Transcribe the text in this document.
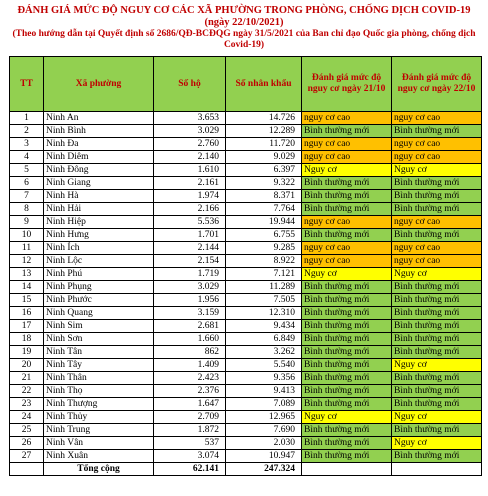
ĐÁNH GIÁ MỨC ĐỘ NGUY CƠ CÁC XÃ PHƯỜNG TRONG PHÒNG, CHỐNG DỊCH COVID-19
(ngày 22/10/2021)
(Theo hướng dẫn tại Quyết định số 2686/QĐ-BCĐQG ngày 31/5/2021 của Ban chỉ đạo Quốc gia phòng, chống dịch Covid-19)
TT	Xã phường	Số hộ	Số nhân khẩu	Đánh giá mức độ nguy cơ ngày 21/10	Đánh giá mức độ nguy cơ ngày 22/10
1	Ninh An	3.653	14.726	nguy cơ cao	nguy cơ cao
2	Ninh Bình	3.029	12.289	Bình thường mới	Bình thường mới
3	Ninh Đa	2.760	11.720	nguy cơ cao	nguy cơ cao
4	Ninh Diêm	2.140	9.029	nguy cơ cao	nguy cơ cao
5	Ninh Đông	1.610	6.397	Nguy cơ	Nguy cơ
6	Ninh Giang	2.161	9.322	Bình thường mới	Bình thường mới
7	Ninh Hà	1.974	8.371	Bình thường mới	Bình thường mới
8	Ninh Hải	2.166	7.764	Bình thường mới	Bình thường mới
9	Ninh Hiệp	5.536	19.944	nguy cơ cao	nguy cơ cao
10	Ninh Hưng	1.701	6.755	Bình thường mới	Bình thường mới
11	Ninh Ích	2.144	9.285	nguy cơ cao	nguy cơ cao
12	Ninh Lộc	2.154	8.922	nguy cơ cao	nguy cơ cao
13	Ninh Phú	1.719	7.121	Nguy cơ	Nguy cơ
14	Ninh Phụng	3.029	11.289	Bình thường mới	Bình thường mới
15	Ninh Phước	1.956	7.505	Bình thường mới	Bình thường mới
16	Ninh Quang	3.159	12.310	Bình thường mới	Bình thường mới
17	Ninh Sim	2.681	9.434	Bình thường mới	Bình thường mới
18	Ninh Sơn	1.660	6.849	Bình thường mới	Bình thường mới
19	Ninh Tân	862	3.262	Bình thường mới	Bình thường mới
20	Ninh Tây	1.409	5.540	Bình thường mới	Nguy cơ
21	Ninh Thân	2.423	9.356	Bình thường mới	Bình thường mới
22	Ninh Thọ	2.376	9.413	Bình thường mới	Bình thường mới
23	Ninh Thượng	1.647	7.089	Bình thường mới	Bình thường mới
24	Ninh Thủy	2.709	12.965	Nguy cơ	Nguy cơ
25	Ninh Trung	1.872	7.690	Bình thường mới	Bình thường mới
26	Ninh Vân	537	2.030	Bình thường mới	Nguy cơ
27	Ninh Xuân	3.074	10.947	Bình thường mới	Bình thường mới
	Tổng cộng	62.141	247.324		
